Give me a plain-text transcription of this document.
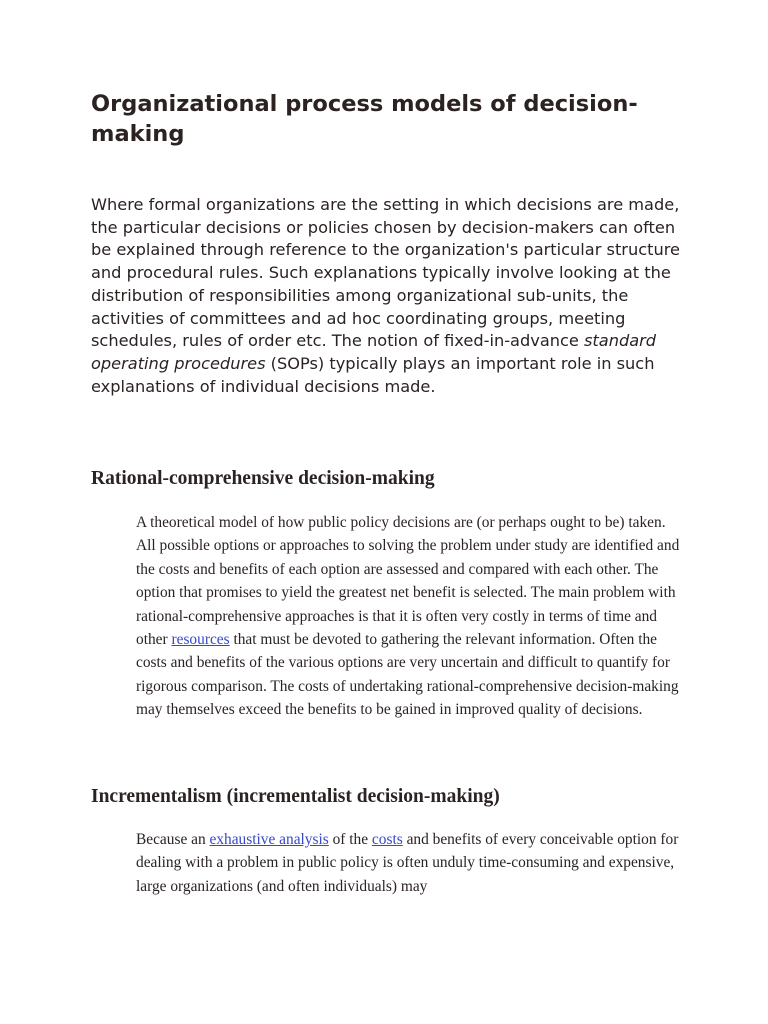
Organizational process models of decision-making

Where formal organizations are the setting in which decisions are made, the particular decisions or policies chosen by decision-makers can often be explained through reference to the organization's particular structure and procedural rules. Such explanations typically involve looking at the distribution of responsibilities among organizational sub-units, the activities of committees and ad hoc coordinating groups, meeting schedules, rules of order etc. The notion of fixed-in-advance standard operating procedures (SOPs) typically plays an important role in such explanations of individual decisions made.

Rational-comprehensive decision-making

A theoretical model of how public policy decisions are (or perhaps ought to be) taken. All possible options or approaches to solving the problem under study are identified and the costs and benefits of each option are assessed and compared with each other. The option that promises to yield the greatest net benefit is selected. The main problem with rational-comprehensive approaches is that it is often very costly in terms of time and other resources that must be devoted to gathering the relevant information. Often the costs and benefits of the various options are very uncertain and difficult to quantify for rigorous comparison. The costs of undertaking rational-comprehensive decision-making may themselves exceed the benefits to be gained in improved quality of decisions.

Incrementalism (incrementalist decision-making)

Because an exhaustive analysis of the costs and benefits of every conceivable option for dealing with a problem in public policy is often unduly time-consuming and expensive, large organizations (and often individuals) may
